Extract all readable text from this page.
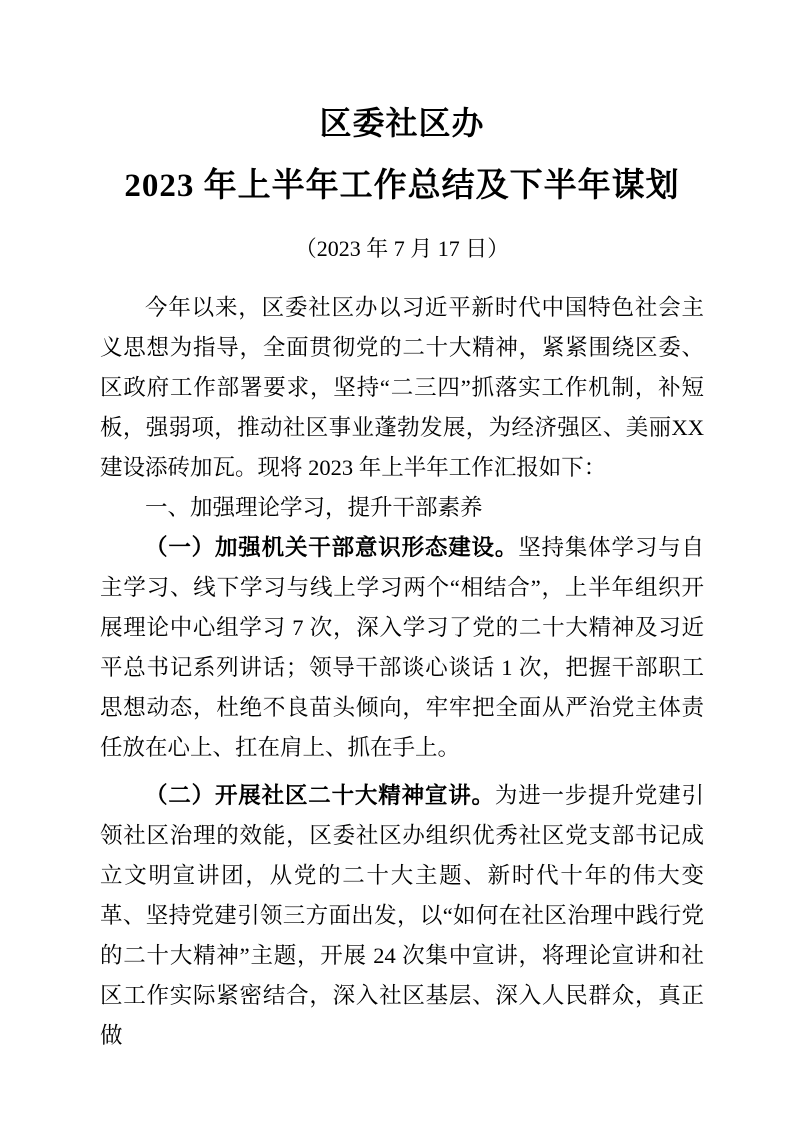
区委社区办
2023 年上半年工作总结及下半年谋划
（2023 年 7 月 17 日）

今年以来，区委社区办以习近平新时代中国特色社会主义思想为指导，全面贯彻党的二十大精神，紧紧围绕区委、 区政府工作部署要求，坚持“二三四”抓落实工作机制，补短板，强弱项，推动社区事业蓬勃发展，为经济强区、美丽XX建设添砖加瓦。现将 2023 年上半年工作汇报如下：

一、加强理论学习，提升干部素养

（一）加强机关干部意识形态建设。坚持集体学习与自主学习、线下学习与线上学习两个“相结合”，上半年组织开展理论中心组学习 7 次，深入学习了党的二十大精神及习近平总书记系列讲话；领导干部谈心谈话 1 次，把握干部职工思想动态，杜绝不良苗头倾向，牢牢把全面从严治党主体责任放在心上、扛在肩上、抓在手上。

（二）开展社区二十大精神宣讲。为进一步提升党建引领社区治理的效能，区委社区办组织优秀社区党支部书记成立文明宣讲团，从党的二十大主题、新时代十年的伟大变革、坚持党建引领三方面出发，以“如何在社区治理中践行党的二十大精神”主题，开展 24 次集中宣讲，将理论宣讲和社区工作实际紧密结合，深入社区基层、深入人民群众，真正做
